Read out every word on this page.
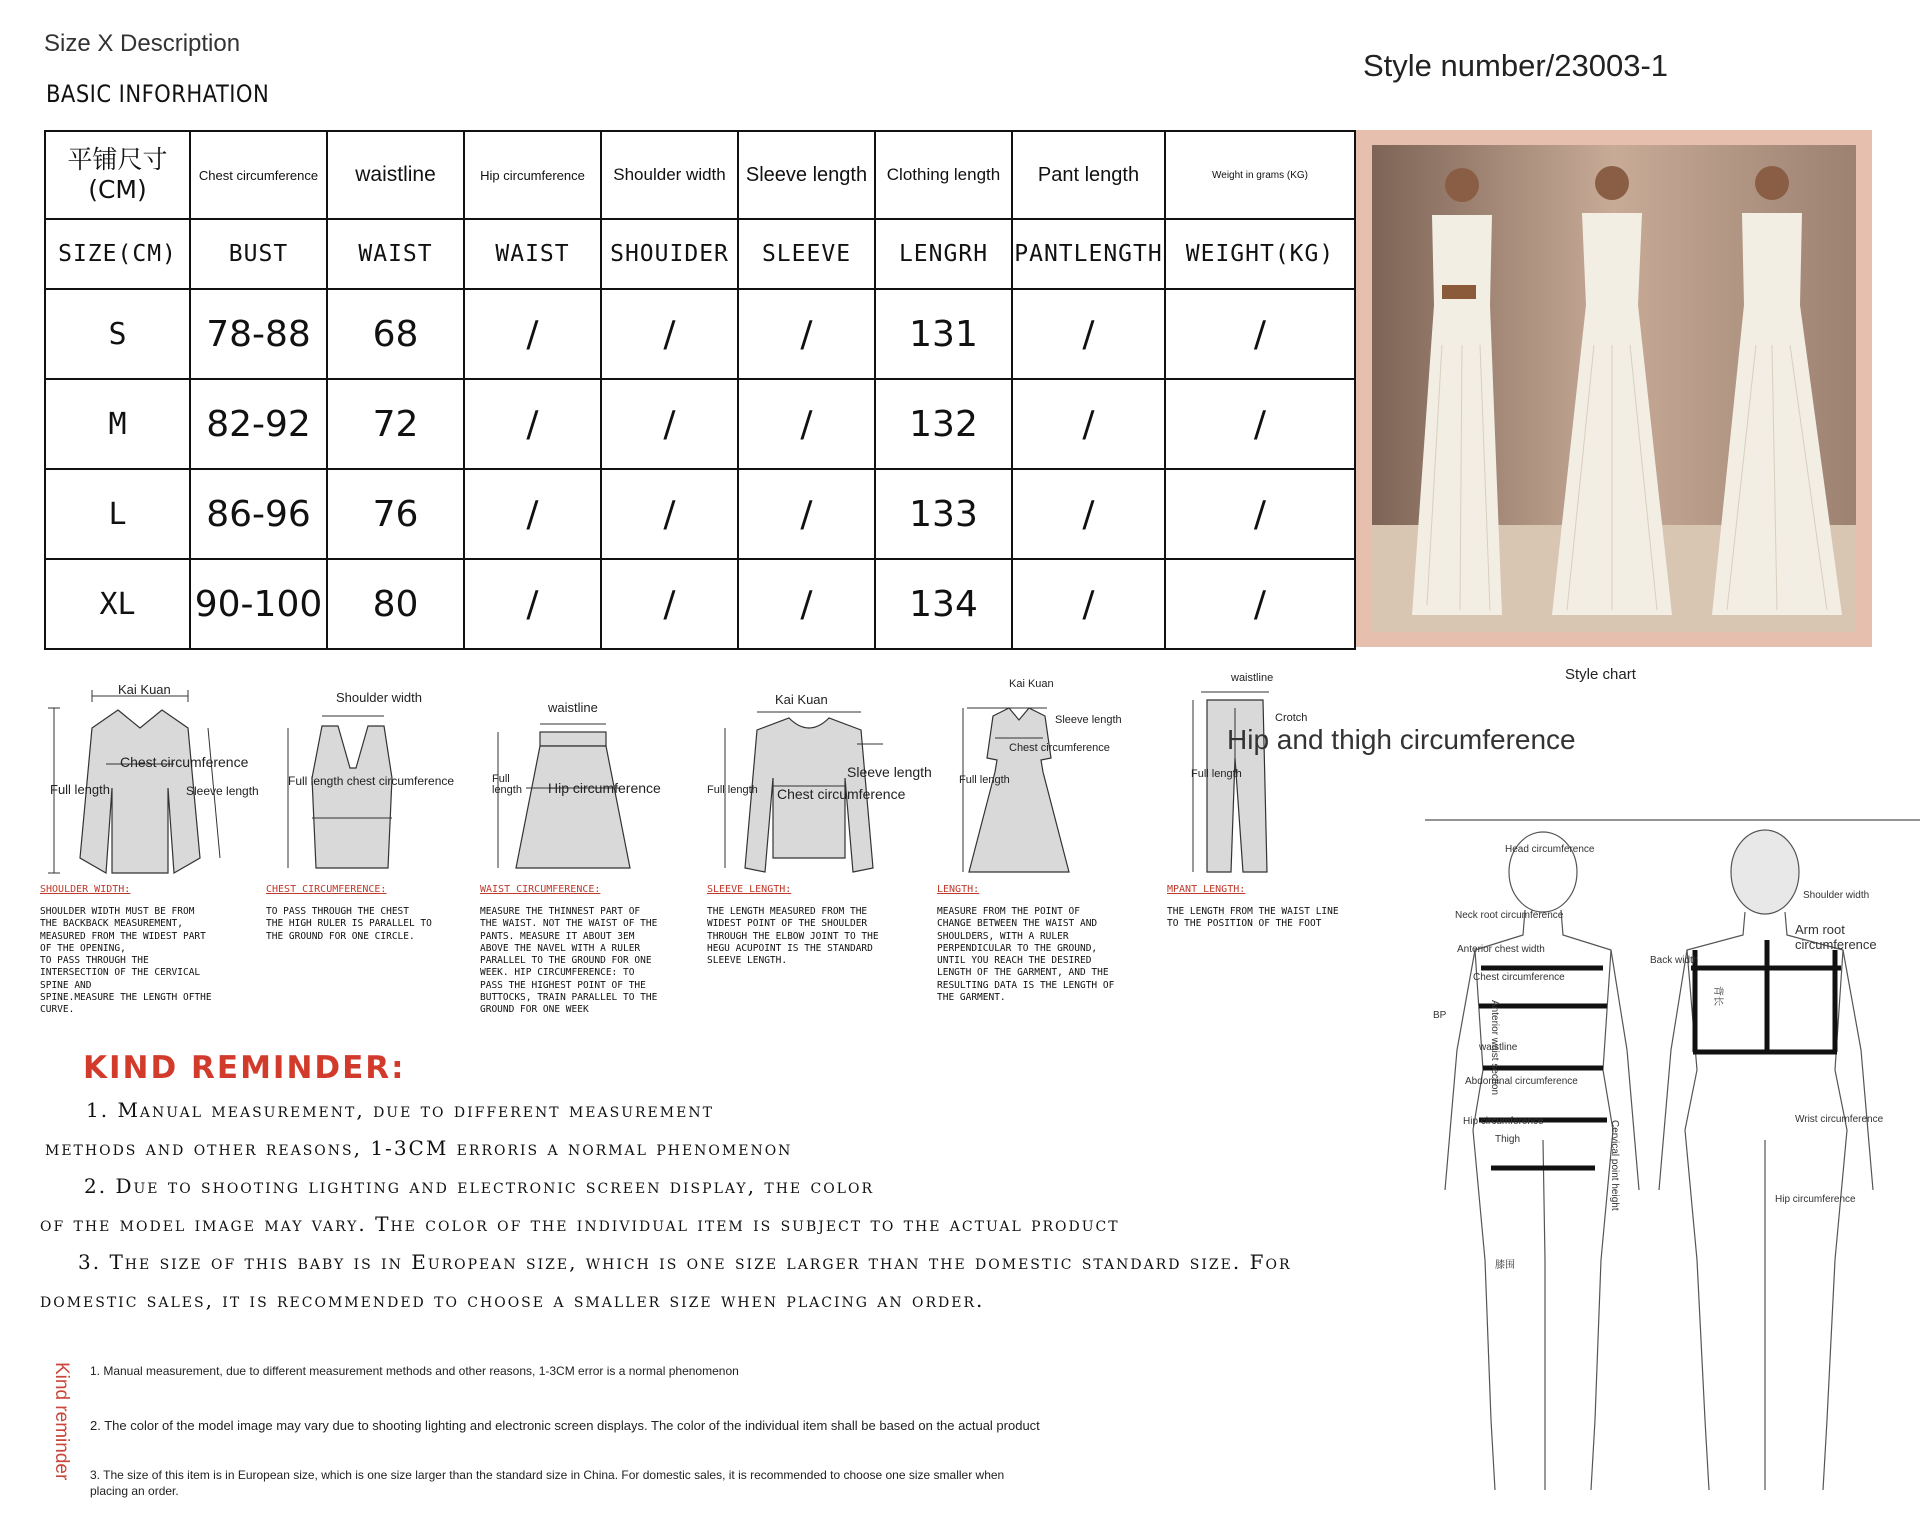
Size X Description
BASIC INFORHATION
Style number/23003-1
平铺尺寸
(CM)	Chest circumference	waistline	Hip circumference	Shoulder width	Sleeve length	Clothing length	Pant length	Weight in grams (KG)
SIZE(CM)	BUST	WAIST	WAIST	SHOUIDER	SLEEVE	LENGRH	PANTLENGTH	WEIGHT(KG)
S	78-88	68	/	/	/	131	/	/
M	82-92	72	/	/	/	132	/	/
L	86-96	76	/	/	/	133	/	/
XL	90-100	80	/	/	/	134	/	/
Kai Kuan
Chest circumference
Full length	Sleeve length
SHOULDER WIDTH:
SHOULDER WIDTH MUST BE FROM
THE BACKBACK MEASUREMENT,
MEASURED FROM THE WIDEST PART
OF THE OPENING,
TO PASS THROUGH THE
INTERSECTION OF THE CERVICAL
SPINE AND
SPINE.MEASURE THE LENGTH OFTHE
CURVE.
Shoulder width
Full length chest circumference
CHEST CIRCUMFERENCE:
TO PASS THROUGH THE CHEST
THE HIGH RULER IS PARALLEL TO
THE GROUND FOR ONE CIRCLE.
waistline
Full
length Hip circumference
WAIST CIRCUMFERENCE:
MEASURE THE THINNEST PART OF
THE WAIST. NOT THE WAIST OF THE
PANTS. MEASURE IT ABOUT 3EM
ABOVE THE NAVEL WITH A RULER
PARALLEL TO THE GROUND FOR ONE
WEEK. HIP CIRCUMFERENCE: TO
PASS THE HIGHEST POINT OF THE
BUTTOCKS, TRAIN PARALLEL TO THE
GROUND FOR ONE WEEK
Kai Kuan
Full length
Sleeve length
Chest circumference
SLEEVE LENGTH:
THE LENGTH MEASURED FROM THE
WIDEST POINT OF THE SHOULDER
THROUGH THE ELBOW JOINT TO THE
HEGU ACUPOINT IS THE STANDARD
SLEEVE LENGTH.
Kai Kuan
Sleeve length
Chest circumference
Full length
LENGTH:
MEASURE FROM THE POINT OF
CHANGE BETWEEN THE WAIST AND
SHOULDERS, WITH A RULER
PERPENDICULAR TO THE GROUND,
UNTIL YOU REACH THE DESIRED
LENGTH OF THE GARMENT, AND THE
RESULTING DATA IS THE LENGTH OF
THE GARMENT.
waistline
Crotch
Full length
MPANT LENGTH:
THE LENGTH FROM THE WAIST LINE
TO THE POSITION OF THE FOOT
Style chart
Hip and thigh circumference
Head circumference
Neck root circumference
Anterior chest width
Chest circumference
BP
waistline
Abdominal circumference
Hip circumference
Thigh
Anterior waist section
Cervical point height
Back width
Shoulder width
Arm root
circumference
Wrist circumference
Hip circumference
膝围
背长
KIND REMINDER:
1. Manual measurement, due to different measurement
methods and other reasons, 1-3CM erroris a normal phenomenon
2. Due to shooting lighting and electronic screen display, the color
of the model image may vary. The color of the individual item is subject to the actual product
3. The size of this baby is in European size, which is one size larger than the domestic standard size. For
domestic sales, it is recommended to choose a smaller size when placing an order.
Kind reminder 1. Manual measurement, due to different measurement methods and other reasons, 1-3CM error is a normal phenomenon
2. The color of the model image may vary due to shooting lighting and electronic screen displays. The color of the individual item shall be based on the actual product
3. The size of this item is in European size, which is one size larger than the standard size in China. For domestic sales, it is recommended to choose one size smaller when
placing an order.
